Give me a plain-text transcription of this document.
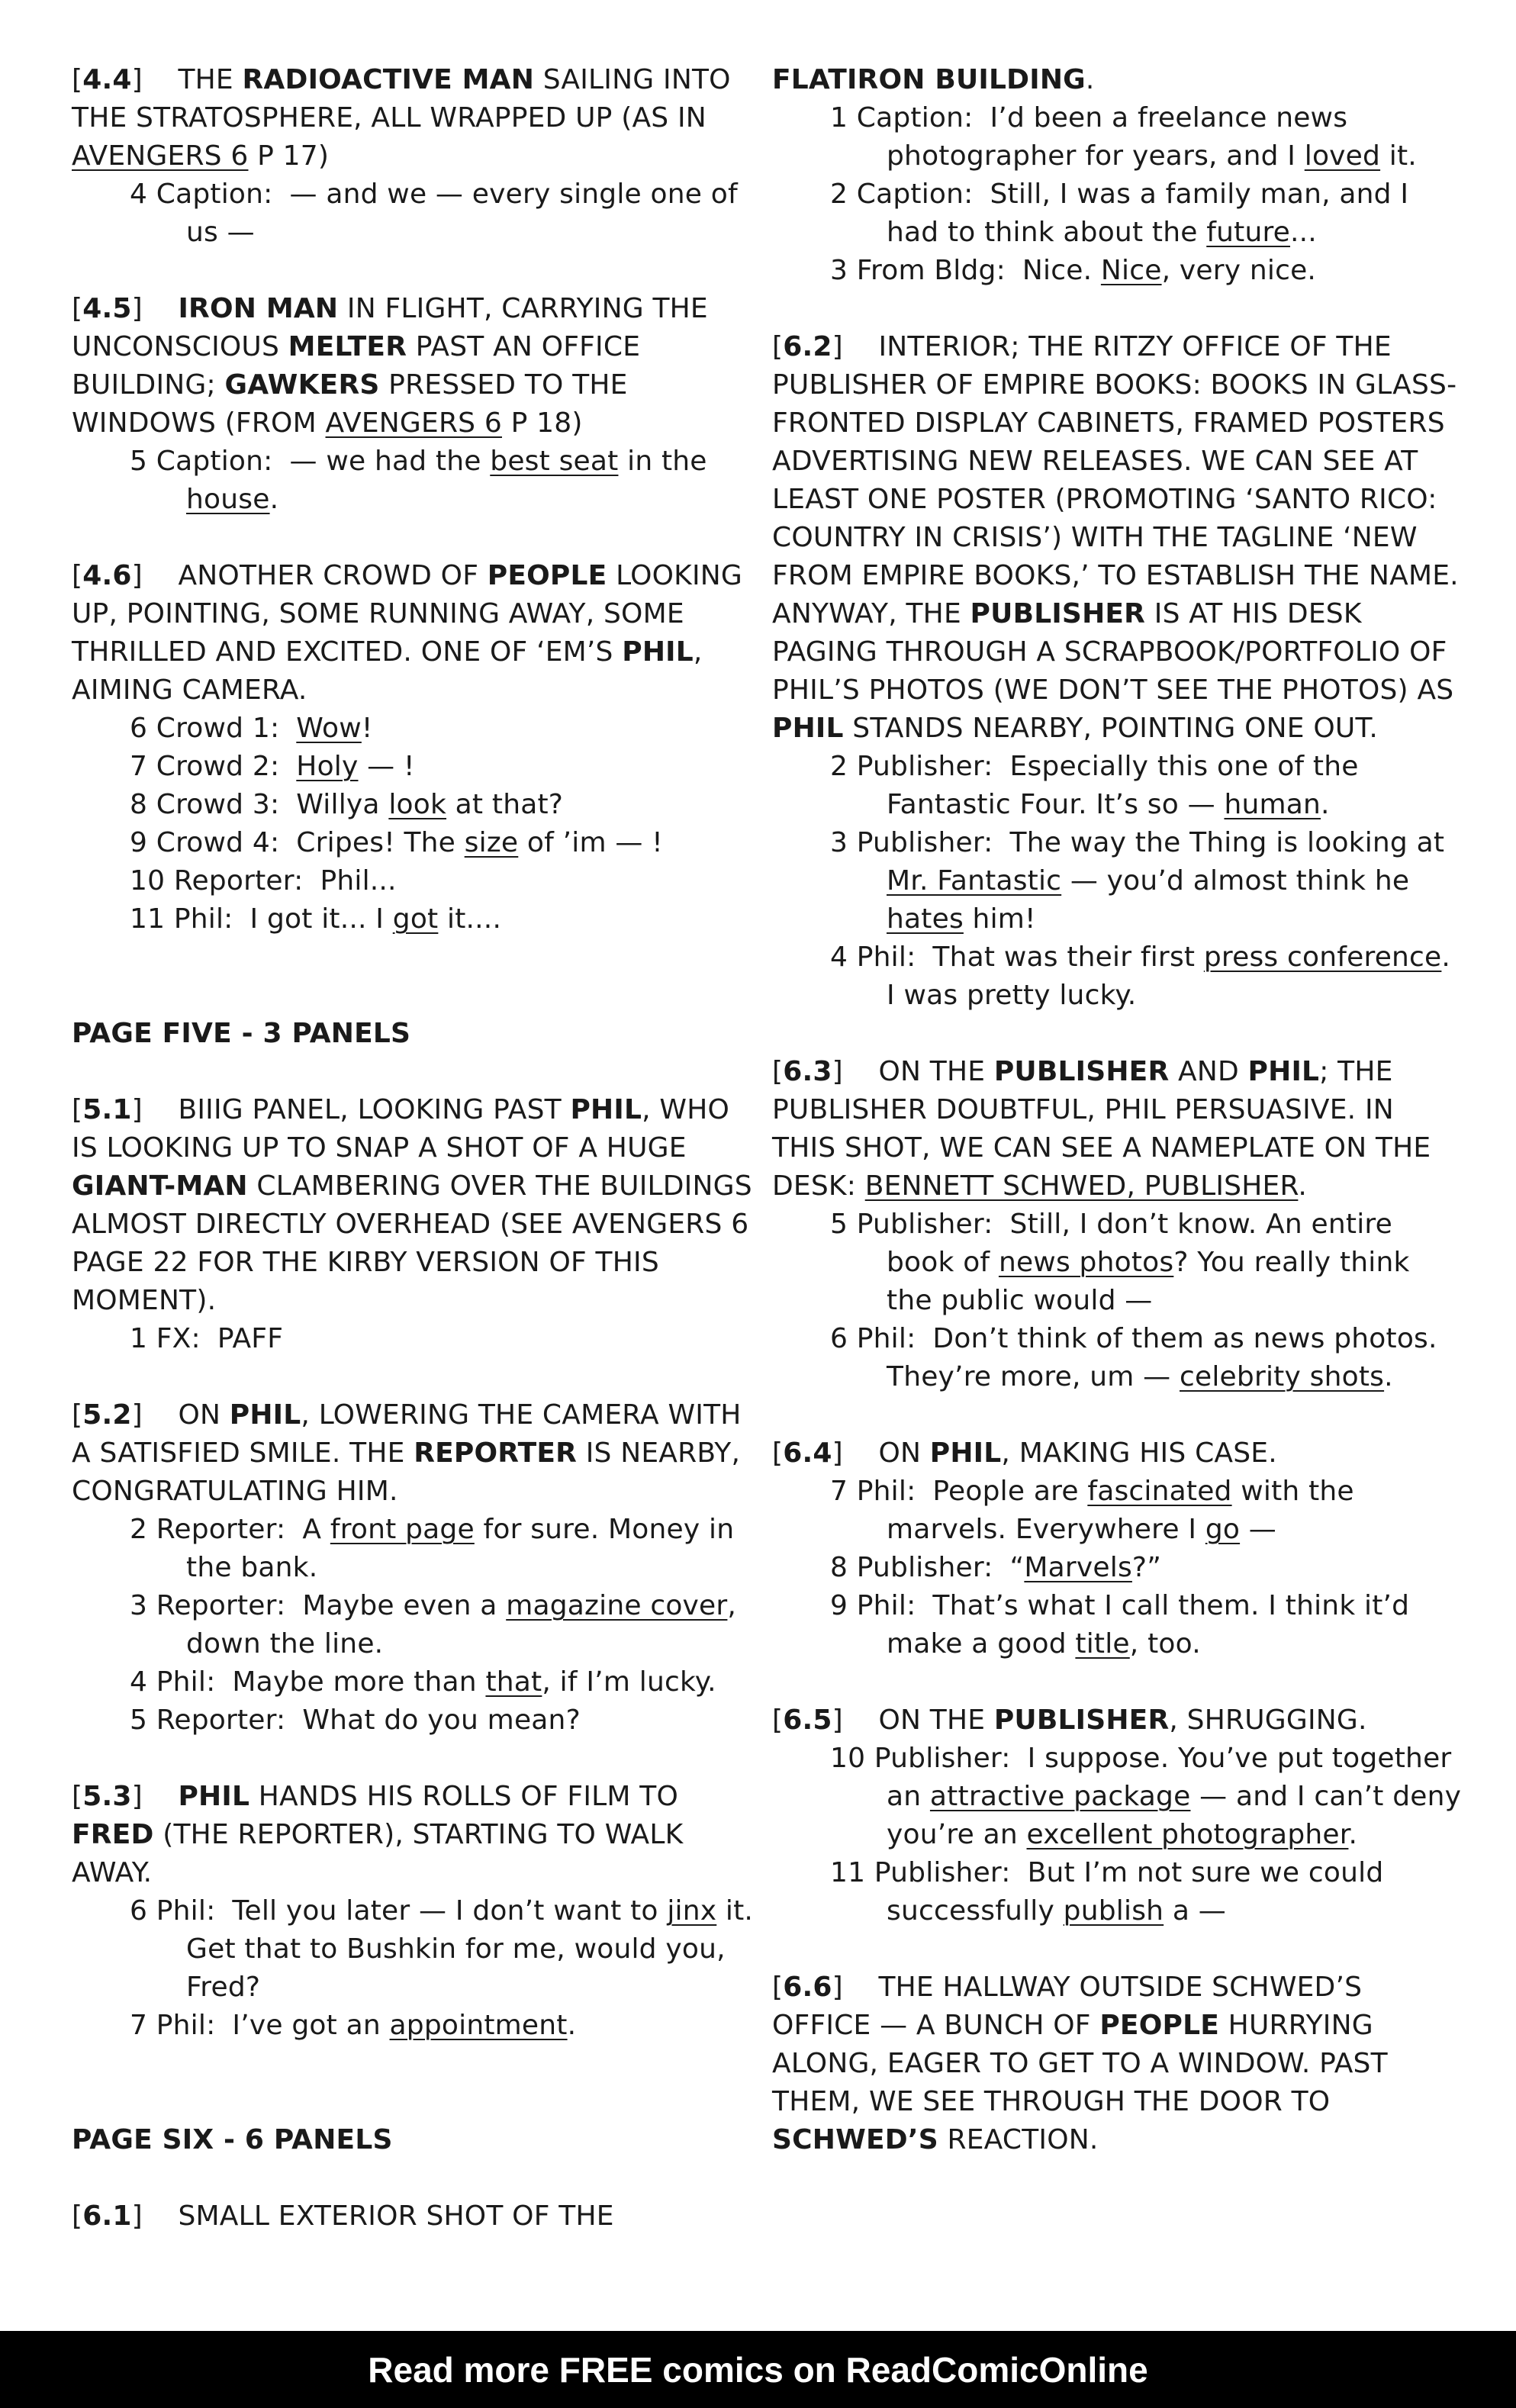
[4.4] THE RADIOACTIVE MAN SAILING INTO THE STRATOSPHERE, ALL WRAPPED UP (AS IN AVENGERS 6 P 17)

4 Caption: — and we — every single one of us —

[4.5] IRON MAN IN FLIGHT, CARRYING THE UNCONSCIOUS MELTER PAST AN OFFICE BUILDING; GAWKERS PRESSED TO THE WINDOWS (FROM AVENGERS 6 P 18)

5 Caption: — we had the best seat in the house.

[4.6] ANOTHER CROWD OF PEOPLE LOOKING UP, POINTING, SOME RUNNING AWAY, SOME THRILLED AND EXCITED. ONE OF ‘EM’S PHIL, AIMING CAMERA.

6 Crowd 1: Wow!

7 Crowd 2: Holy — !

8 Crowd 3: Willya look at that?

9 Crowd 4: Cripes! The size of ’im — !

10 Reporter: Phil...

11 Phil: I got it... I got it....

PAGE FIVE - 3 PANELS

[5.1] BIIIG PANEL, LOOKING PAST PHIL, WHO IS LOOKING UP TO SNAP A SHOT OF A HUGE GIANT-MAN CLAMBERING OVER THE BUILDINGS ALMOST DIRECTLY OVERHEAD (SEE AVENGERS 6 PAGE 22 FOR THE KIRBY VERSION OF THIS MOMENT).

1 FX: PAFF

[5.2] ON PHIL, LOWERING THE CAMERA WITH A SATISFIED SMILE. THE REPORTER IS NEARBY, CONGRATULATING HIM.

2 Reporter: A front page for sure. Money in the bank.

3 Reporter: Maybe even a magazine cover, down the line.

4 Phil: Maybe more than that, if I’m lucky.

5 Reporter: What do you mean?

[5.3] PHIL HANDS HIS ROLLS OF FILM TO FRED (THE REPORTER), STARTING TO WALK AWAY.

6 Phil: Tell you later — I don’t want to jinx it. Get that to Bushkin for me, would you, Fred?

7 Phil: I’ve got an appointment.

PAGE SIX - 6 PANELS

[6.1] SMALL EXTERIOR SHOT OF THE

FLATIRON BUILDING.

1 Caption: I’d been a freelance news photographer for years, and I loved it.

2 Caption: Still, I was a family man, and I had to think about the future...

3 From Bldg: Nice. Nice, very nice.

[6.2] INTERIOR; THE RITZY OFFICE OF THE PUBLISHER OF EMPIRE BOOKS: BOOKS IN GLASS-FRONTED DISPLAY CABINETS, FRAMED POSTERS ADVERTISING NEW RELEASES. WE CAN SEE AT LEAST ONE POSTER (PROMOTING ‘SANTO RICO: COUNTRY IN CRISIS’) WITH THE TAGLINE ‘NEW FROM EMPIRE BOOKS,’ TO ESTABLISH THE NAME. ANYWAY, THE PUBLISHER IS AT HIS DESK PAGING THROUGH A SCRAPBOOK/PORTFOLIO OF PHIL’S PHOTOS (WE DON’T SEE THE PHOTOS) AS PHIL STANDS NEARBY, POINTING ONE OUT.

2 Publisher: Especially this one of the Fantastic Four. It’s so — human.

3 Publisher: The way the Thing is looking at Mr. Fantastic — you’d almost think he hates him!

4 Phil: That was their first press conference. I was pretty lucky.

[6.3] ON THE PUBLISHER AND PHIL; THE PUBLISHER DOUBTFUL, PHIL PERSUASIVE. IN THIS SHOT, WE CAN SEE A NAMEPLATE ON THE DESK: BENNETT SCHWED, PUBLISHER.

5 Publisher: Still, I don’t know. An entire book of news photos? You really think the public would —

6 Phil: Don’t think of them as news photos. They’re more, um — celebrity shots.

[6.4] ON PHIL, MAKING HIS CASE.

7 Phil: People are fascinated with the marvels. Everywhere I go —

8 Publisher: “Marvels?”

9 Phil: That’s what I call them. I think it’d make a good title, too.

[6.5] ON THE PUBLISHER, SHRUGGING.

10 Publisher: I suppose. You’ve put together an attractive package — and I can’t deny you’re an excellent photographer.

11 Publisher: But I’m not sure we could successfully publish a —

[6.6] THE HALLWAY OUTSIDE SCHWED’S OFFICE — A BUNCH OF PEOPLE HURRYING ALONG, EAGER TO GET TO A WINDOW. PAST THEM, WE SEE THROUGH THE DOOR TO SCHWED’S REACTION.

Read more FREE comics on ReadComicOnline
